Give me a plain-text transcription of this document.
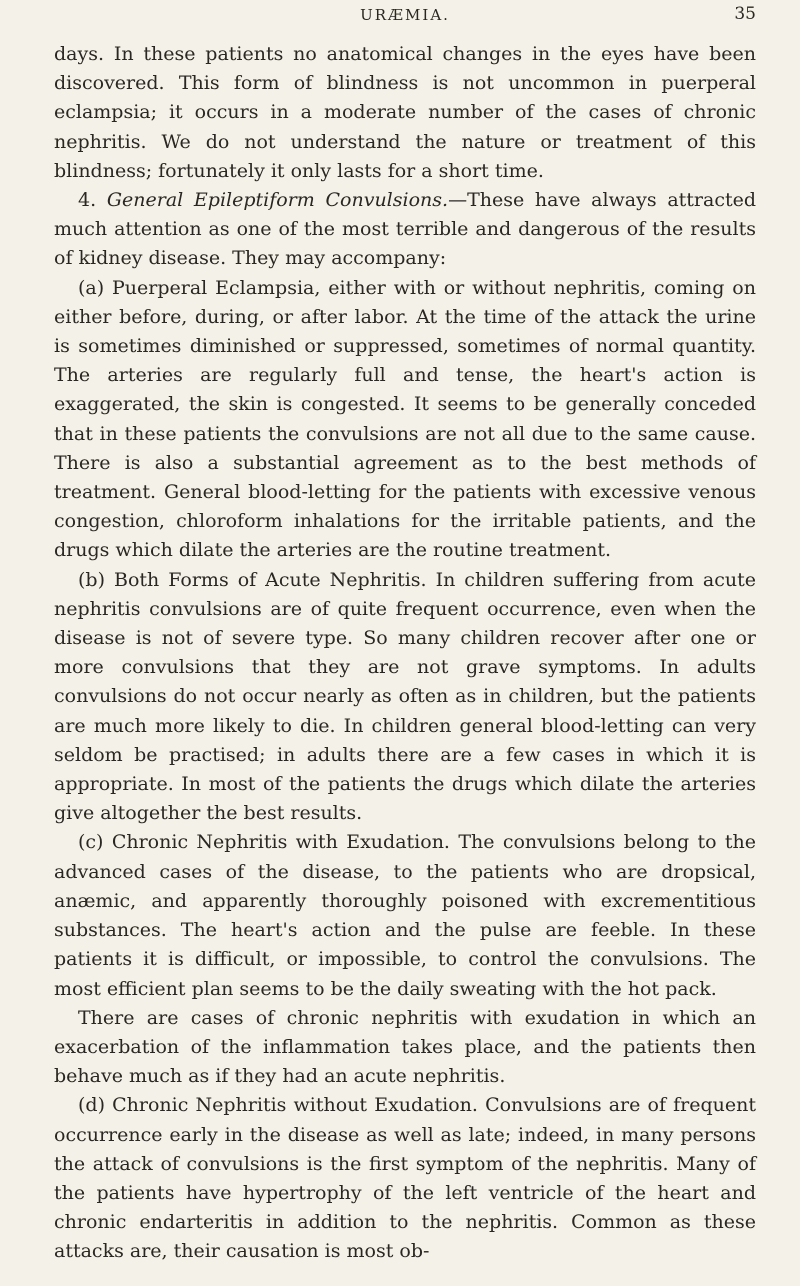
URÆMIA.	35

days. In these patients no anatomical changes in the eyes have been discovered. This form of blindness is not uncommon in puerperal eclampsia; it occurs in a moderate number of the cases of chronic nephritis. We do not understand the nature or treatment of this blindness; fortunately it only lasts for a short time.

4. General Epileptiform Convulsions.—These have always attracted much attention as one of the most terrible and dangerous of the results of kidney disease. They may accompany:

(a) Puerperal Eclampsia, either with or without nephritis, coming on either before, during, or after labor. At the time of the attack the urine is sometimes diminished or suppressed, sometimes of normal quantity. The arteries are regularly full and tense, the heart's action is exaggerated, the skin is congested. It seems to be generally conceded that in these patients the convulsions are not all due to the same cause. There is also a substantial agreement as to the best methods of treatment. General blood-letting for the patients with excessive venous congestion, chloroform inhalations for the irritable patients, and the drugs which dilate the arteries are the routine treatment.

(b) Both Forms of Acute Nephritis. In children suffering from acute nephritis convulsions are of quite frequent occurrence, even when the disease is not of severe type. So many children recover after one or more convulsions that they are not grave symptoms. In adults convulsions do not occur nearly as often as in children, but the patients are much more likely to die. In children general blood-letting can very seldom be practised; in adults there are a few cases in which it is appropriate. In most of the patients the drugs which dilate the arteries give altogether the best results.

(c) Chronic Nephritis with Exudation. The convulsions belong to the advanced cases of the disease, to the patients who are dropsical, anæmic, and apparently thoroughly poisoned with excrementitious substances. The heart's action and the pulse are feeble. In these patients it is difficult, or impossible, to control the convulsions. The most efficient plan seems to be the daily sweating with the hot pack.

There are cases of chronic nephritis with exudation in which an exacerbation of the inflammation takes place, and the patients then behave much as if they had an acute nephritis.

(d) Chronic Nephritis without Exudation. Convulsions are of frequent occurrence early in the disease as well as late; indeed, in many persons the attack of convulsions is the first symptom of the nephritis. Many of the patients have hypertrophy of the left ventricle of the heart and chronic endarteritis in addition to the nephritis. Common as these attacks are, their causation is most ob-
